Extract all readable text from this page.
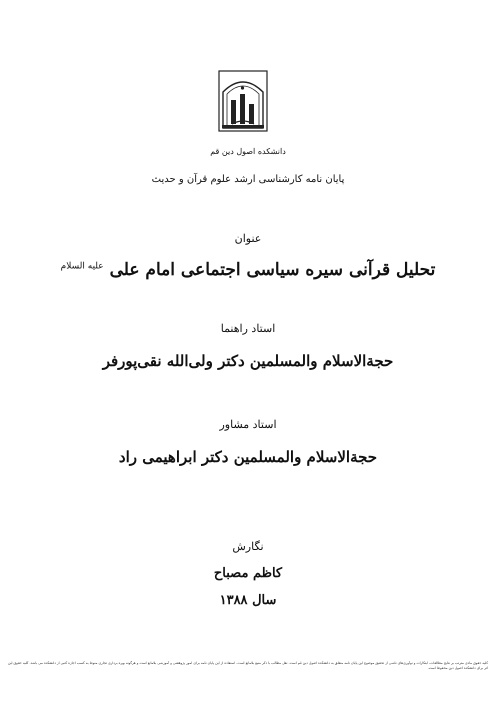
دانشکده اصول دین قم
پایان نامه کارشناسی ارشد علوم قرآن و حدیث
عنوان
تحلیل قرآنی سیره سیاسی اجتماعی امام علی $^{عليه السلام}$
استاد راهنما
حجةالاسلام والمسلمین دکتر ولی‌الله نقی‌پورفر
استاد مشاور
حجةالاسلام والمسلمین دکتر ابراهیمی راد
نگارش
کاظم مصباح
سال ۱۳۸۸
کلیه حقوق مادی مترتب بر نتایج مطالعات، ابتکارات و نوآوری‌های ناشی از تحقیق موضوع این پایان نامه متعلق به دانشکده اصول دین قم است. نقل مطالب با ذکر منبع بلامانع است. استفاده از این پایان نامه برای امور پژوهشی و آموزشی بلامانع است و هرگونه بهره برداری تجاری منوط به کسب اجازه کتبی از دانشکده می باشد. کلیه حقوق این اثر برای دانشکده اصول دین محفوظ است.
